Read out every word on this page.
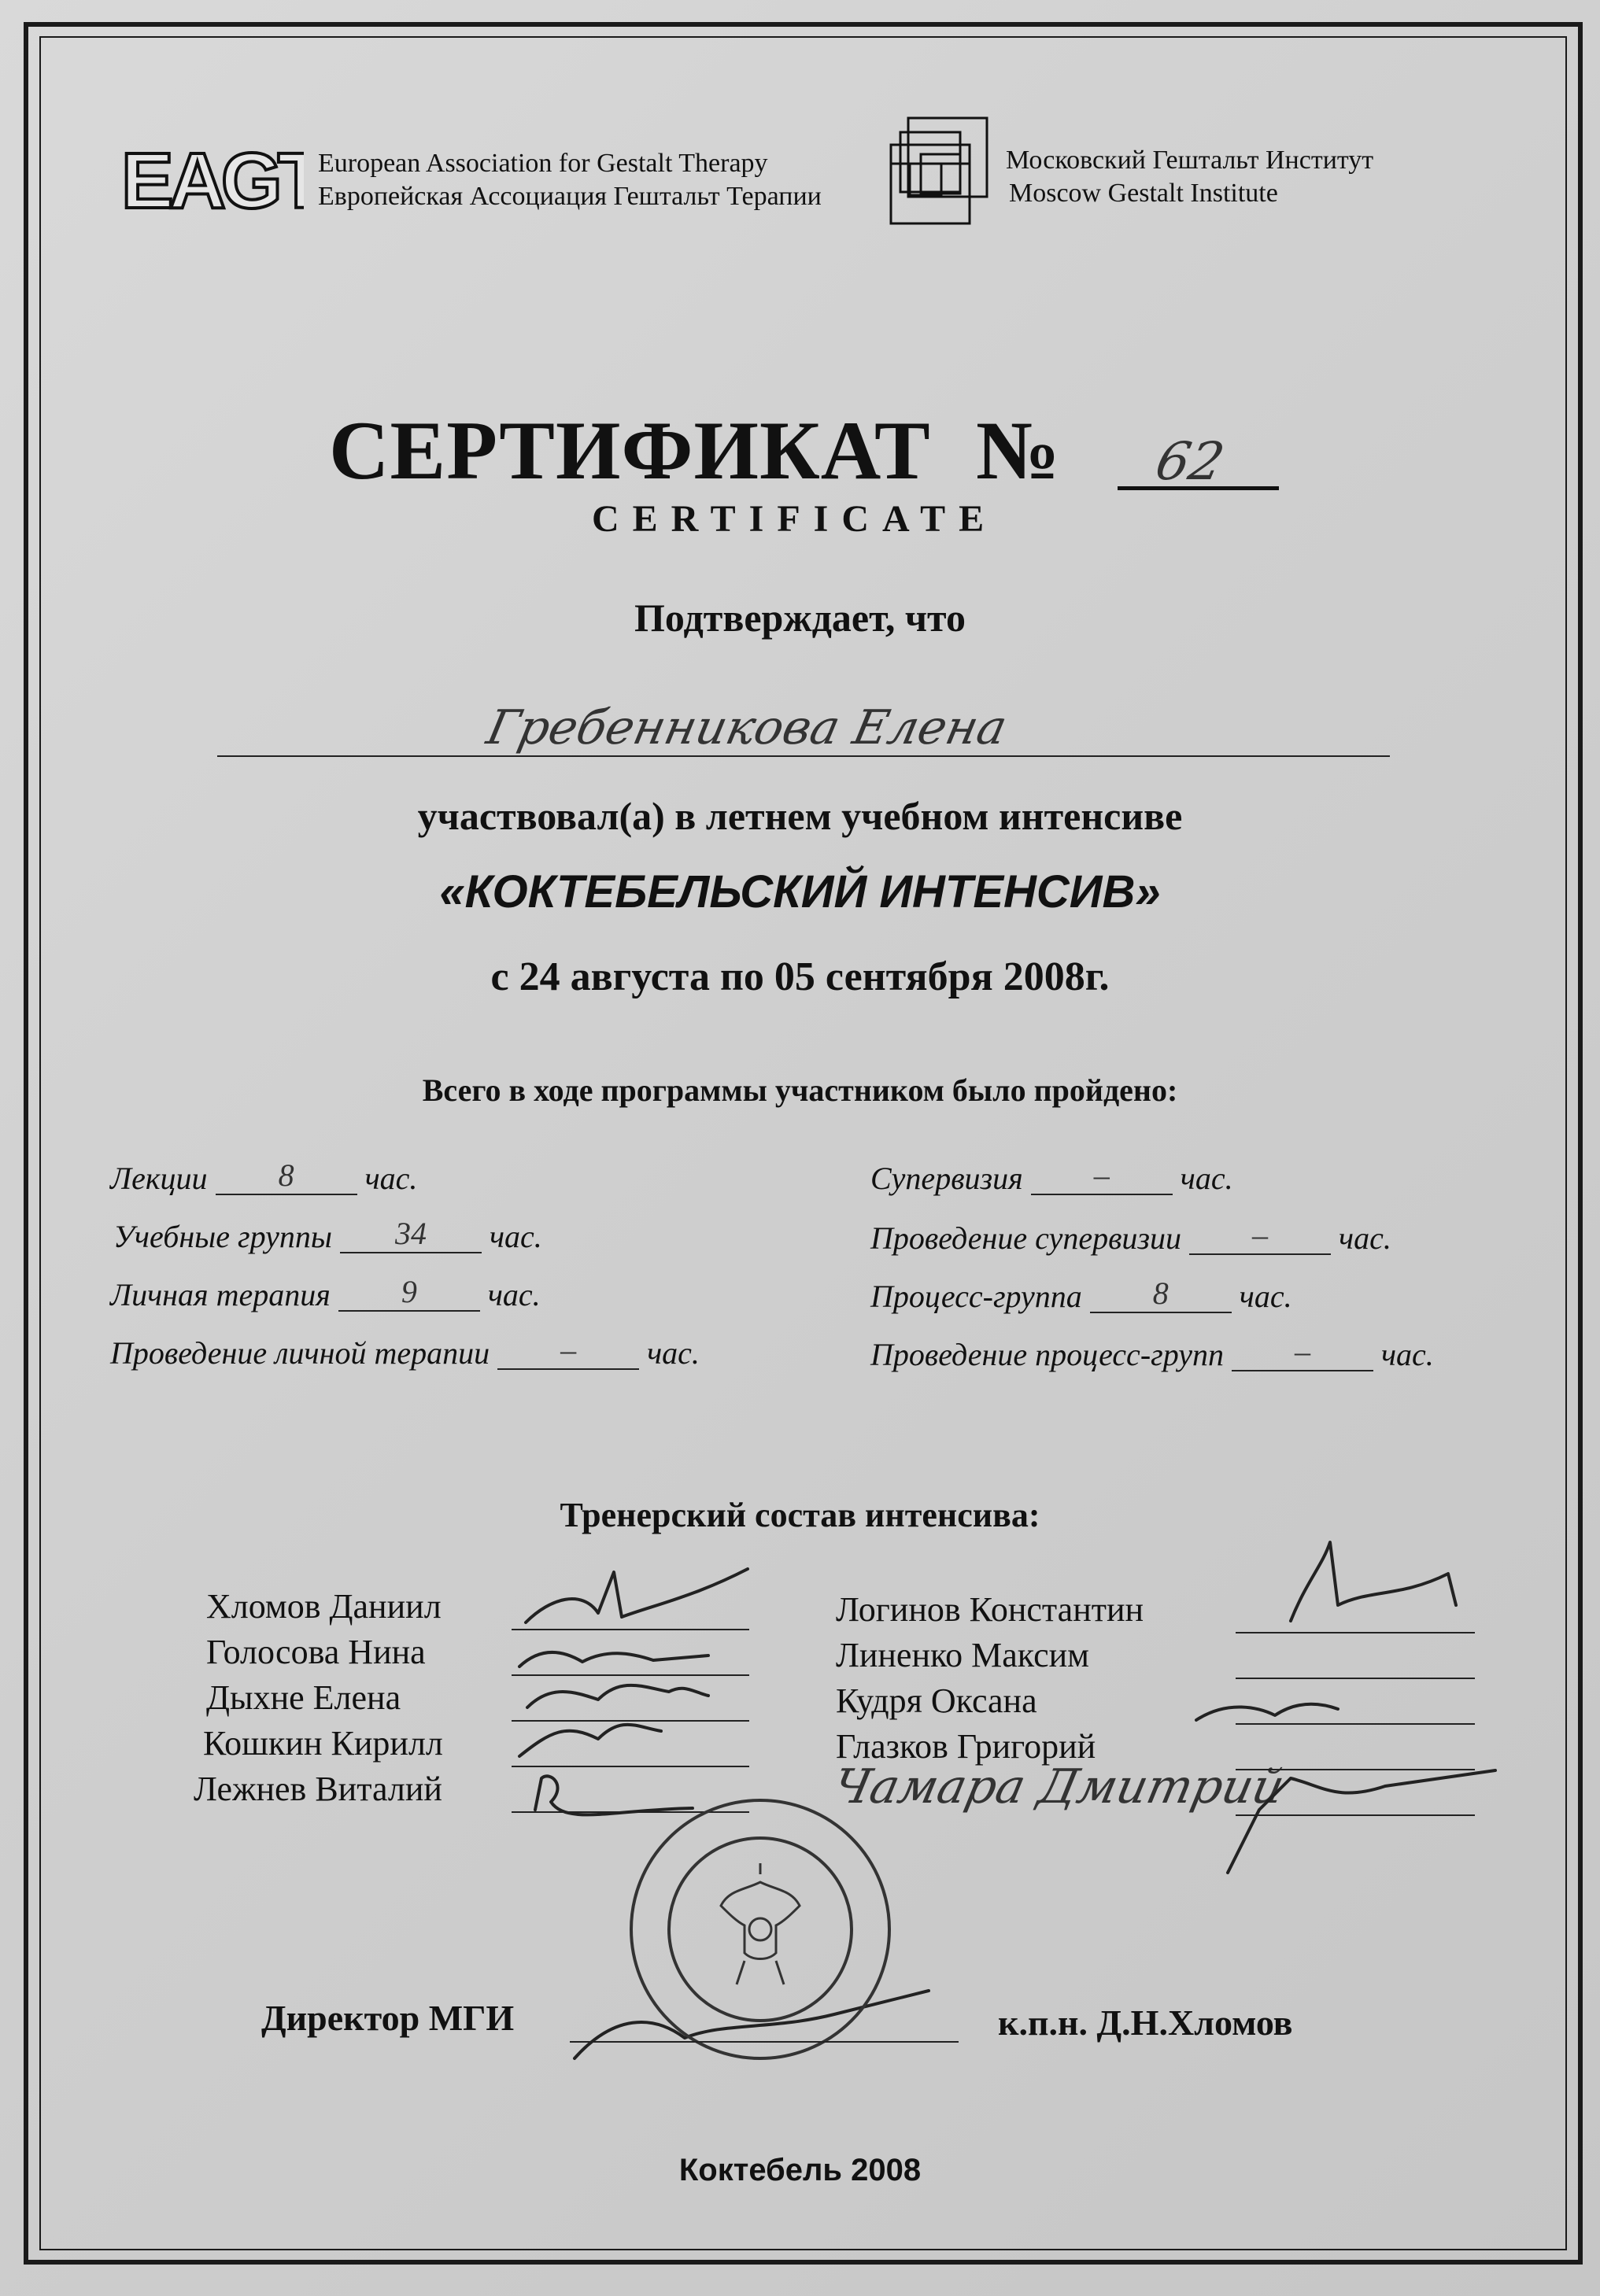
EAGT
European Association for Gestalt Therapy
Европейская Ассоциация Гештальт Терапии
Московский Гештальт Институт
Moscow Gestalt Institute
СЕРТИФИКАТ № 62
CERTIFICATE
Подтверждает, что
Гребенникова Елена
участвовал(а) в летнем учебном интенсиве
«КОКТЕБЕЛЬСКИЙ ИНТЕНСИВ»
с 24 августа по 05 сентября 2008г.
Всего в ходе программы участником было пройдено:
Лекции 8 час.
Учебные группы 34 час.
Личная терапия 9 час.
Проведение личной терапии – час.
Супервизия – час.
Проведение супервизии – час.
Процесс-группа 8 час.
Проведение процесс-групп – час.
Тренерский состав интенсива:
Хломов Даниил
Голосова Нина
Дыхне Елена
Кошкин Кирилл
Лежнев Виталий
Логинов Константин
Линенко Максим
Кудря Оксана
Глазков Григорий
Чамара Дмитрий
Директор МГИ	к.п.н. Д.Н.Хломов
Коктебель 2008
